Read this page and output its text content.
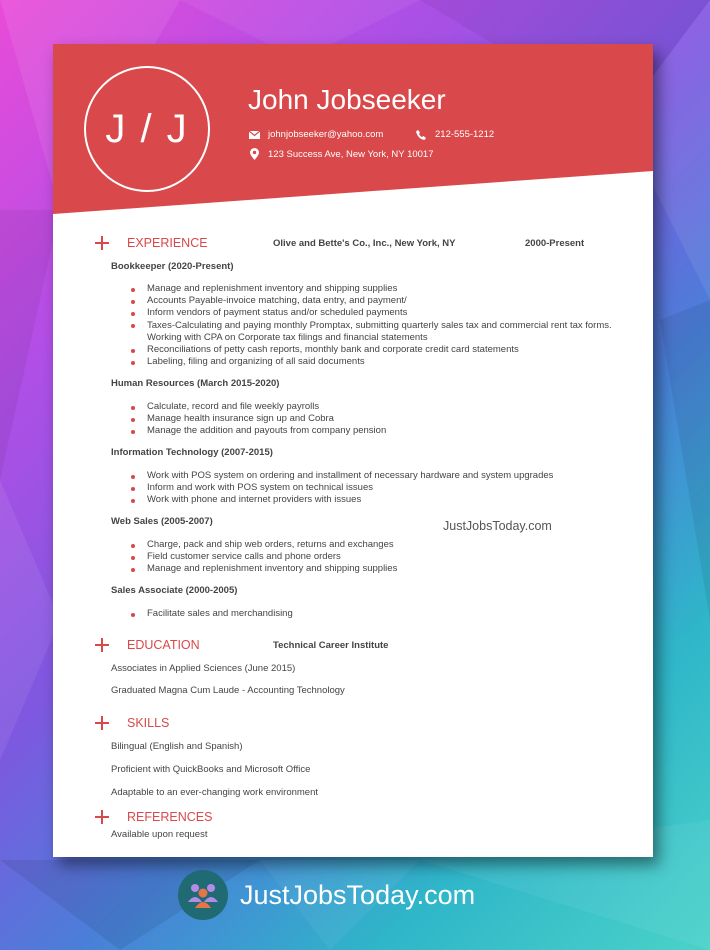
J / J
John Jobseeker
johnjobseeker@yahoo.com	212-555-1212
123 Success Ave, New York, NY 10017
EXPERIENCE	Olive and Bette's Co., Inc., New York, NY	2000-Present
Bookkeeper (2020-Present)
Manage and replenishment inventory and shipping supplies
Accounts Payable-invoice matching, data entry, and payment/
Inform vendors of payment status and/or scheduled payments
Taxes-Calculating and paying monthly Promptax, submitting quarterly sales tax and commercial rent tax forms. Working with CPA on Corporate tax filings and financial statements
Reconciliations of petty cash reports, monthly bank and corporate credit card statements
Labeling, filing and organizing of all said documents
Human Resources (March 2015-2020)
Calculate, record and file weekly payrolls
Manage health insurance sign up and Cobra
Manage the addition and payouts from company pension
Information Technology (2007-2015)
Work with POS system on ordering and installment of necessary hardware and system upgrades
Inform and work with POS system on technical issues
Work with phone and internet providers with issues
Web Sales (2005-2007)
Charge, pack and ship web orders, returns and exchanges
Field customer service calls and phone orders
Manage and replenishment inventory and shipping supplies
Sales Associate (2000-2005)
Facilitate sales and merchandising
JustJobsToday.com
EDUCATION	Technical Career Institute
Associates in Applied Sciences (June 2015)
Graduated Magna Cum Laude - Accounting Technology
SKILLS
Bilingual (English and Spanish)
Proficient with QuickBooks and Microsoft Office
Adaptable to an ever-changing work environment
REFERENCES
Available upon request
JustJobsToday.com
